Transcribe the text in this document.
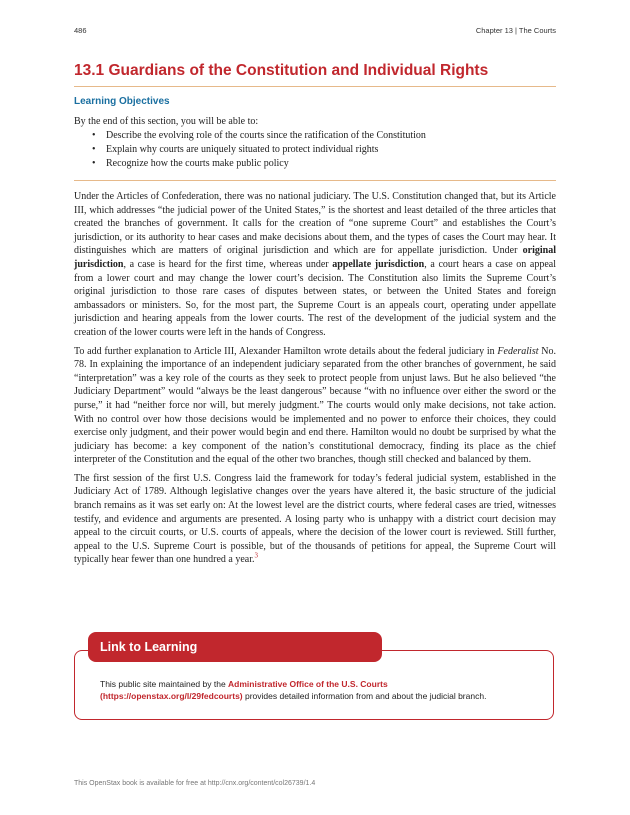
486	Chapter 13 | The Courts
13.1 Guardians of the Constitution and Individual Rights
Learning Objectives

By the end of this section, you will be able to:

• Describe the evolving role of the courts since the ratification of the Constitution
• Explain why courts are uniquely situated to protect individual rights
• Recognize how the courts make public policy

Under the Articles of Confederation, there was no national judiciary. The U.S. Constitution changed that, but its Article III, which addresses “the judicial power of the United States,” is the shortest and least detailed of the three articles that created the branches of government. It calls for the creation of “one supreme Court” and establishes the Court’s jurisdiction, or its authority to hear cases and make decisions about them, and the types of cases the Court may hear. It distinguishes which are matters of original jurisdiction and which are for appellate jurisdiction. Under original jurisdiction, a case is heard for the first time, whereas under appellate jurisdiction, a court hears a case on appeal from a lower court and may change the lower court’s decision. The Constitution also limits the Supreme Court’s original jurisdiction to those rare cases of disputes between states, or between the United States and foreign ambassadors or ministers. So, for the most part, the Supreme Court is an appeals court, operating under appellate jurisdiction and hearing appeals from the lower courts. The rest of the development of the judicial system and the creation of the lower courts were left in the hands of Congress.

To add further explanation to Article III, Alexander Hamilton wrote details about the federal judiciary in Federalist No. 78. In explaining the importance of an independent judiciary separated from the other branches of government, he said “interpretation” was a key role of the courts as they seek to protect people from unjust laws. But he also believed “the Judiciary Department” would “always be the least dangerous” because “with no influence over either the sword or the purse,” it had “neither force nor will, but merely judgment.” The courts would only make decisions, not take action. With no control over how those decisions would be implemented and no power to enforce their choices, they could exercise only judgment, and their power would begin and end there. Hamilton would no doubt be surprised by what the judiciary has become: a key component of the nation’s constitutional democracy, finding its place as the chief interpreter of the Constitution and the equal of the other two branches, though still checked and balanced by them.

The first session of the first U.S. Congress laid the framework for today’s federal judicial system, established in the Judiciary Act of 1789. Although legislative changes over the years have altered it, the basic structure of the judicial branch remains as it was set early on: At the lowest level are the district courts, where federal cases are tried, witnesses testify, and evidence and arguments are presented. A losing party who is unhappy with a district court decision may appeal to the circuit courts, or U.S. courts of appeals, where the decision of the lower court is reviewed. Still further, appeal to the U.S. Supreme Court is possible, but of the thousands of petitions for appeal, the Supreme Court will typically hear fewer than one hundred a year.$^3$

Link to Learning
This public site maintained by the Administrative Office of the U.S. Courts (https://openstax.org/l/29fedcourts) provides detailed information from and about the judicial branch.
This OpenStax book is available for free at http://cnx.org/content/col26739/1.4
